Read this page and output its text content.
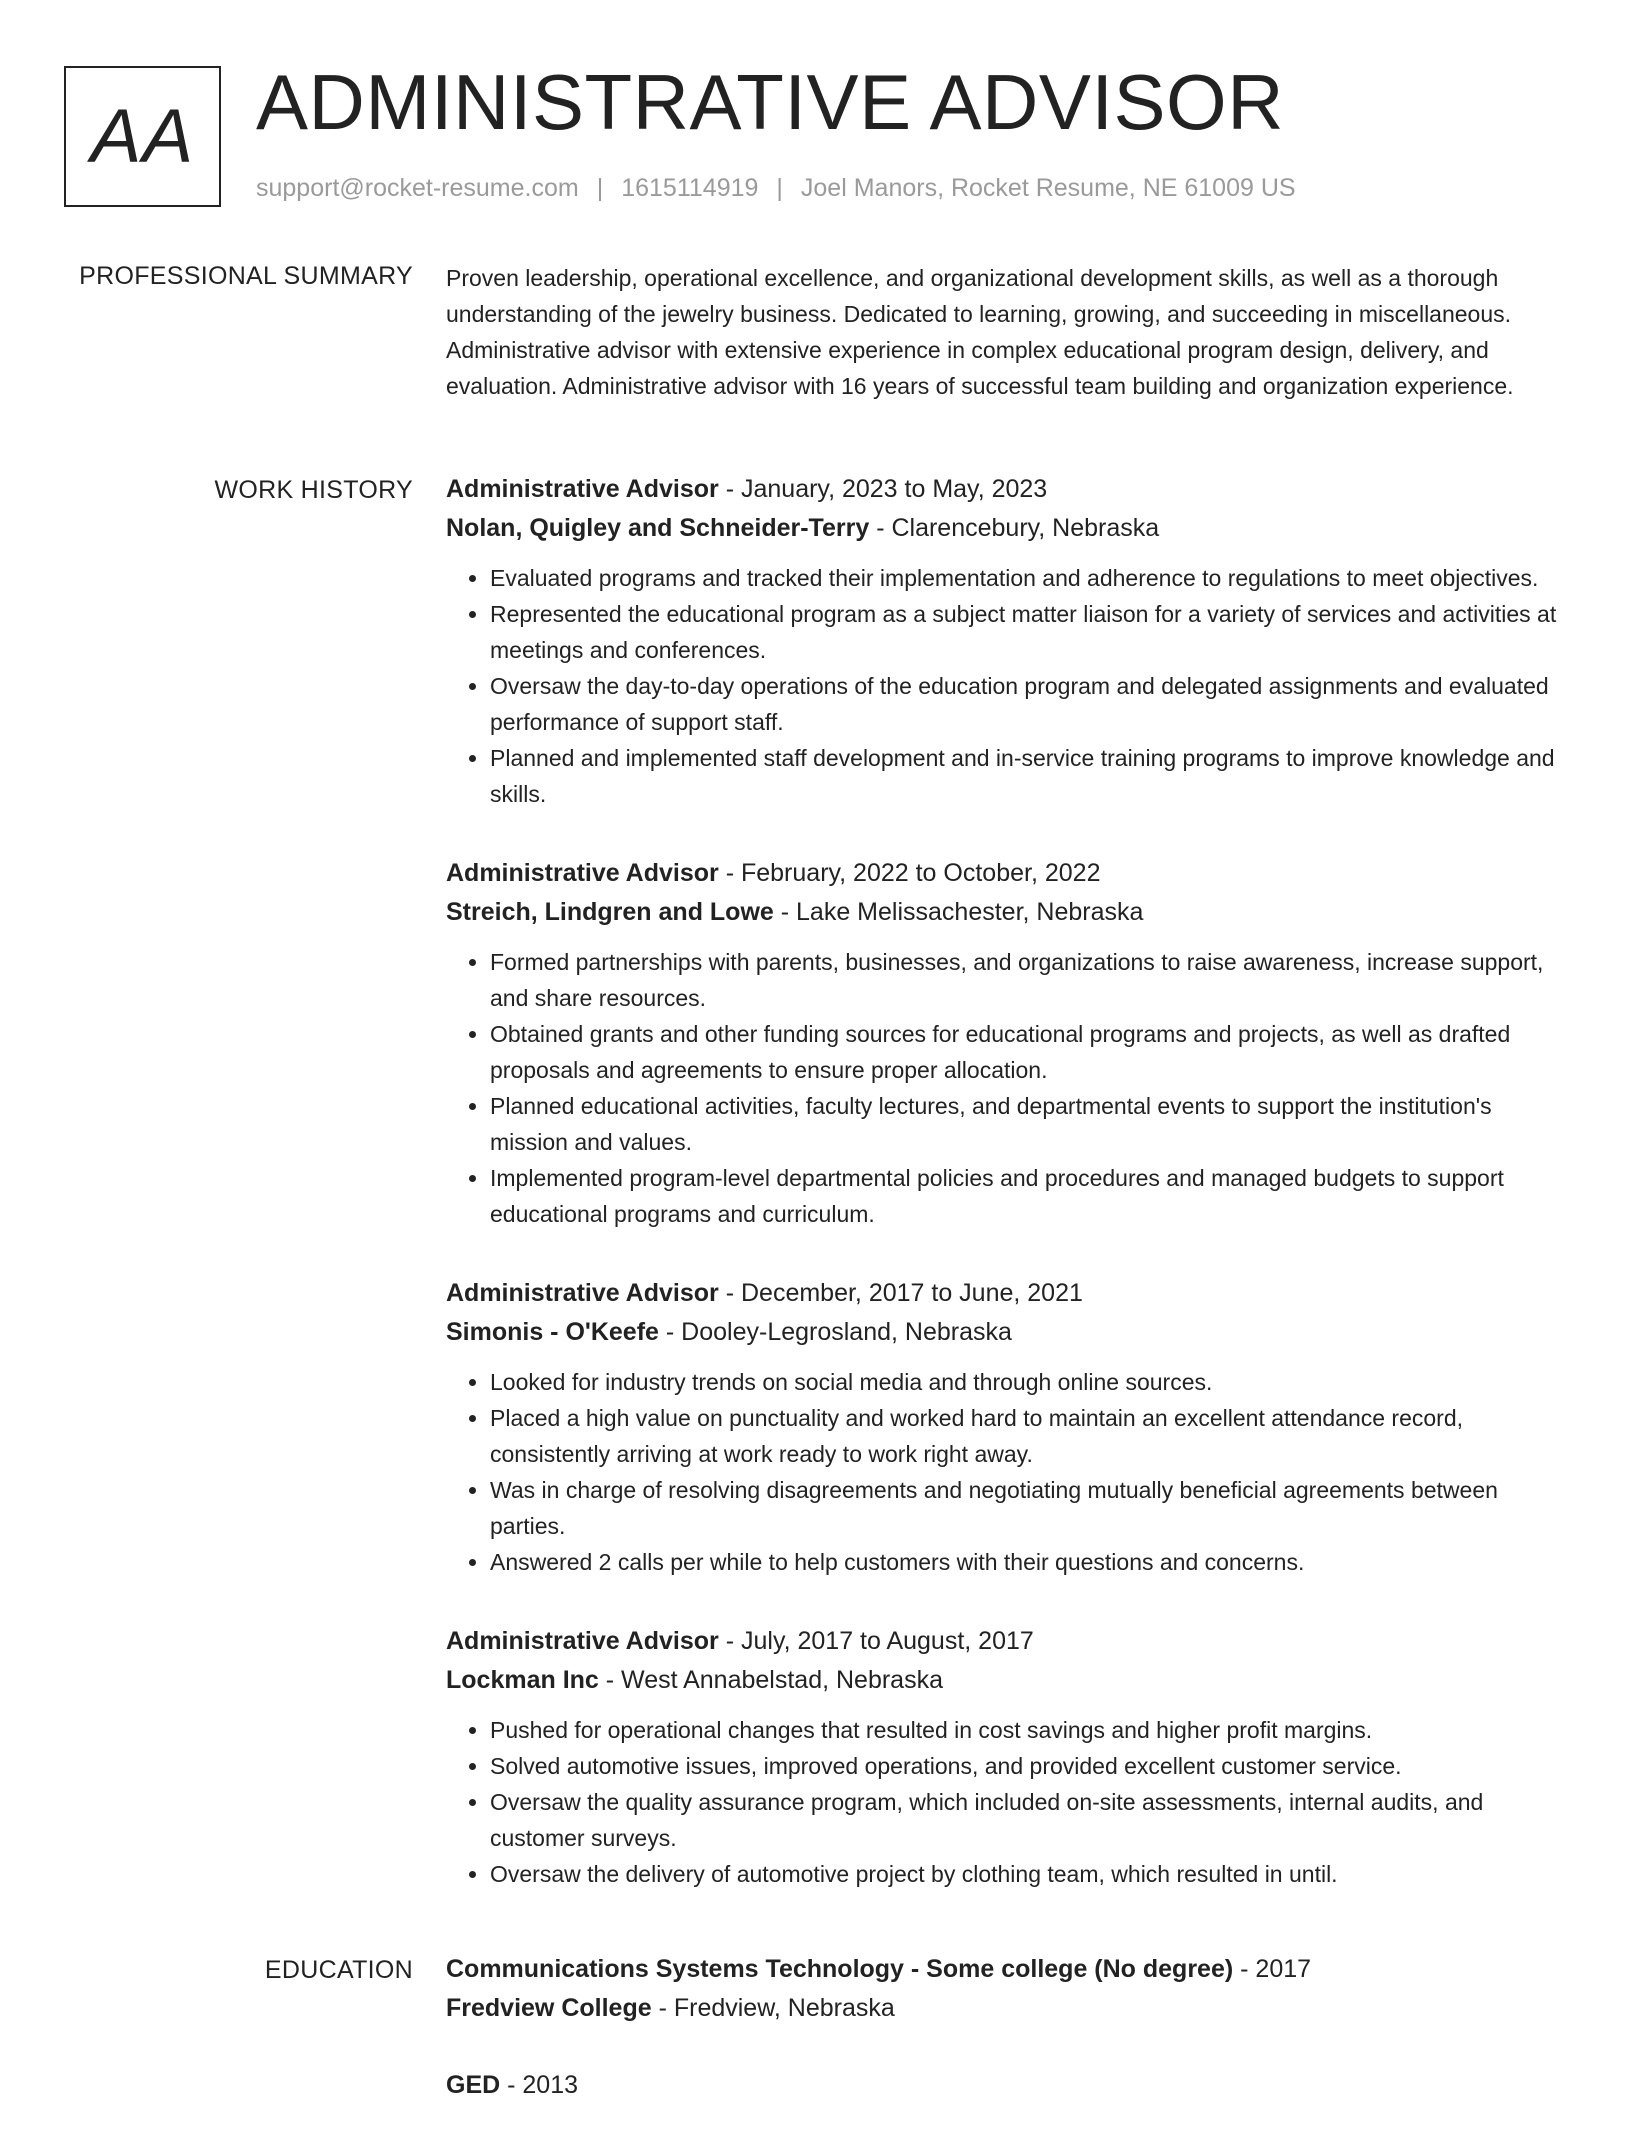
AA ADMINISTRATIVE ADVISOR
support@rocket-resume.com | 1615114919 | Joel Manors, Rocket Resume, NE 61009 US
PROFESSIONAL SUMMARY Proven leadership, operational excellence, and organizational development skills, as well as a thorough understanding of the jewelry business. Dedicated to learning, growing, and succeeding in miscellaneous. Administrative advisor with extensive experience in complex educational program design, delivery, and evaluation. Administrative advisor with 16 years of successful team building and organization experience.

WORK HISTORY Administrative Advisor - January, 2023 to May, 2023
Nolan, Quigley and Schneider-Terry - Clarencebury, Nebraska
• Evaluated programs and tracked their implementation and adherence to regulations to meet objectives.
• Represented the educational program as a subject matter liaison for a variety of services and activities at meetings and conferences.
• Oversaw the day-to-day operations of the education program and delegated assignments and evaluated performance of support staff.
• Planned and implemented staff development and in-service training programs to improve knowledge and skills.
Administrative Advisor - February, 2022 to October, 2022
Streich, Lindgren and Lowe - Lake Melissachester, Nebraska
• Formed partnerships with parents, businesses, and organizations to raise awareness, increase support, and share resources.
• Obtained grants and other funding sources for educational programs and projects, as well as drafted proposals and agreements to ensure proper allocation.
• Planned educational activities, faculty lectures, and departmental events to support the institution's mission and values.
• Implemented program-level departmental policies and procedures and managed budgets to support educational programs and curriculum.
Administrative Advisor - December, 2017 to June, 2021
Simonis - O'Keefe - Dooley-Legrosland, Nebraska
• Looked for industry trends on social media and through online sources.
• Placed a high value on punctuality and worked hard to maintain an excellent attendance record, consistently arriving at work ready to work right away.
• Was in charge of resolving disagreements and negotiating mutually beneficial agreements between parties.
• Answered 2 calls per while to help customers with their questions and concerns.
Administrative Advisor - July, 2017 to August, 2017
Lockman Inc - West Annabelstad, Nebraska
• Pushed for operational changes that resulted in cost savings and higher profit margins.
• Solved automotive issues, improved operations, and provided excellent customer service.
• Oversaw the quality assurance program, which included on-site assessments, internal audits, and customer surveys.
• Oversaw the delivery of automotive project by clothing team, which resulted in until.
EDUCATION Communications Systems Technology - Some college (No degree) - 2017
Fredview College - Fredview, Nebraska
GED - 2013
